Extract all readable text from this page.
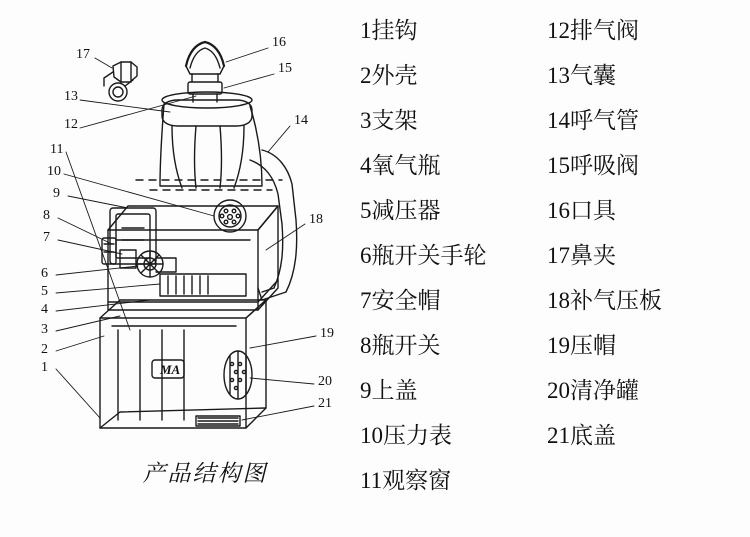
17
16
15
13
14
12
11
10
9
8	18
7
6
5
4
19
3
2
1
20
21
MA
产品结构图
1挂钩
2外壳
3支架
4氧气瓶
5减压器
6瓶开关手轮
7安全帽
8瓶开关
9上盖
10压力表
11观察窗
12排气阀
13气囊
14呼气管
15呼吸阀
16口具
17鼻夹
18补气压板
19压帽
20清净罐
21底盖
